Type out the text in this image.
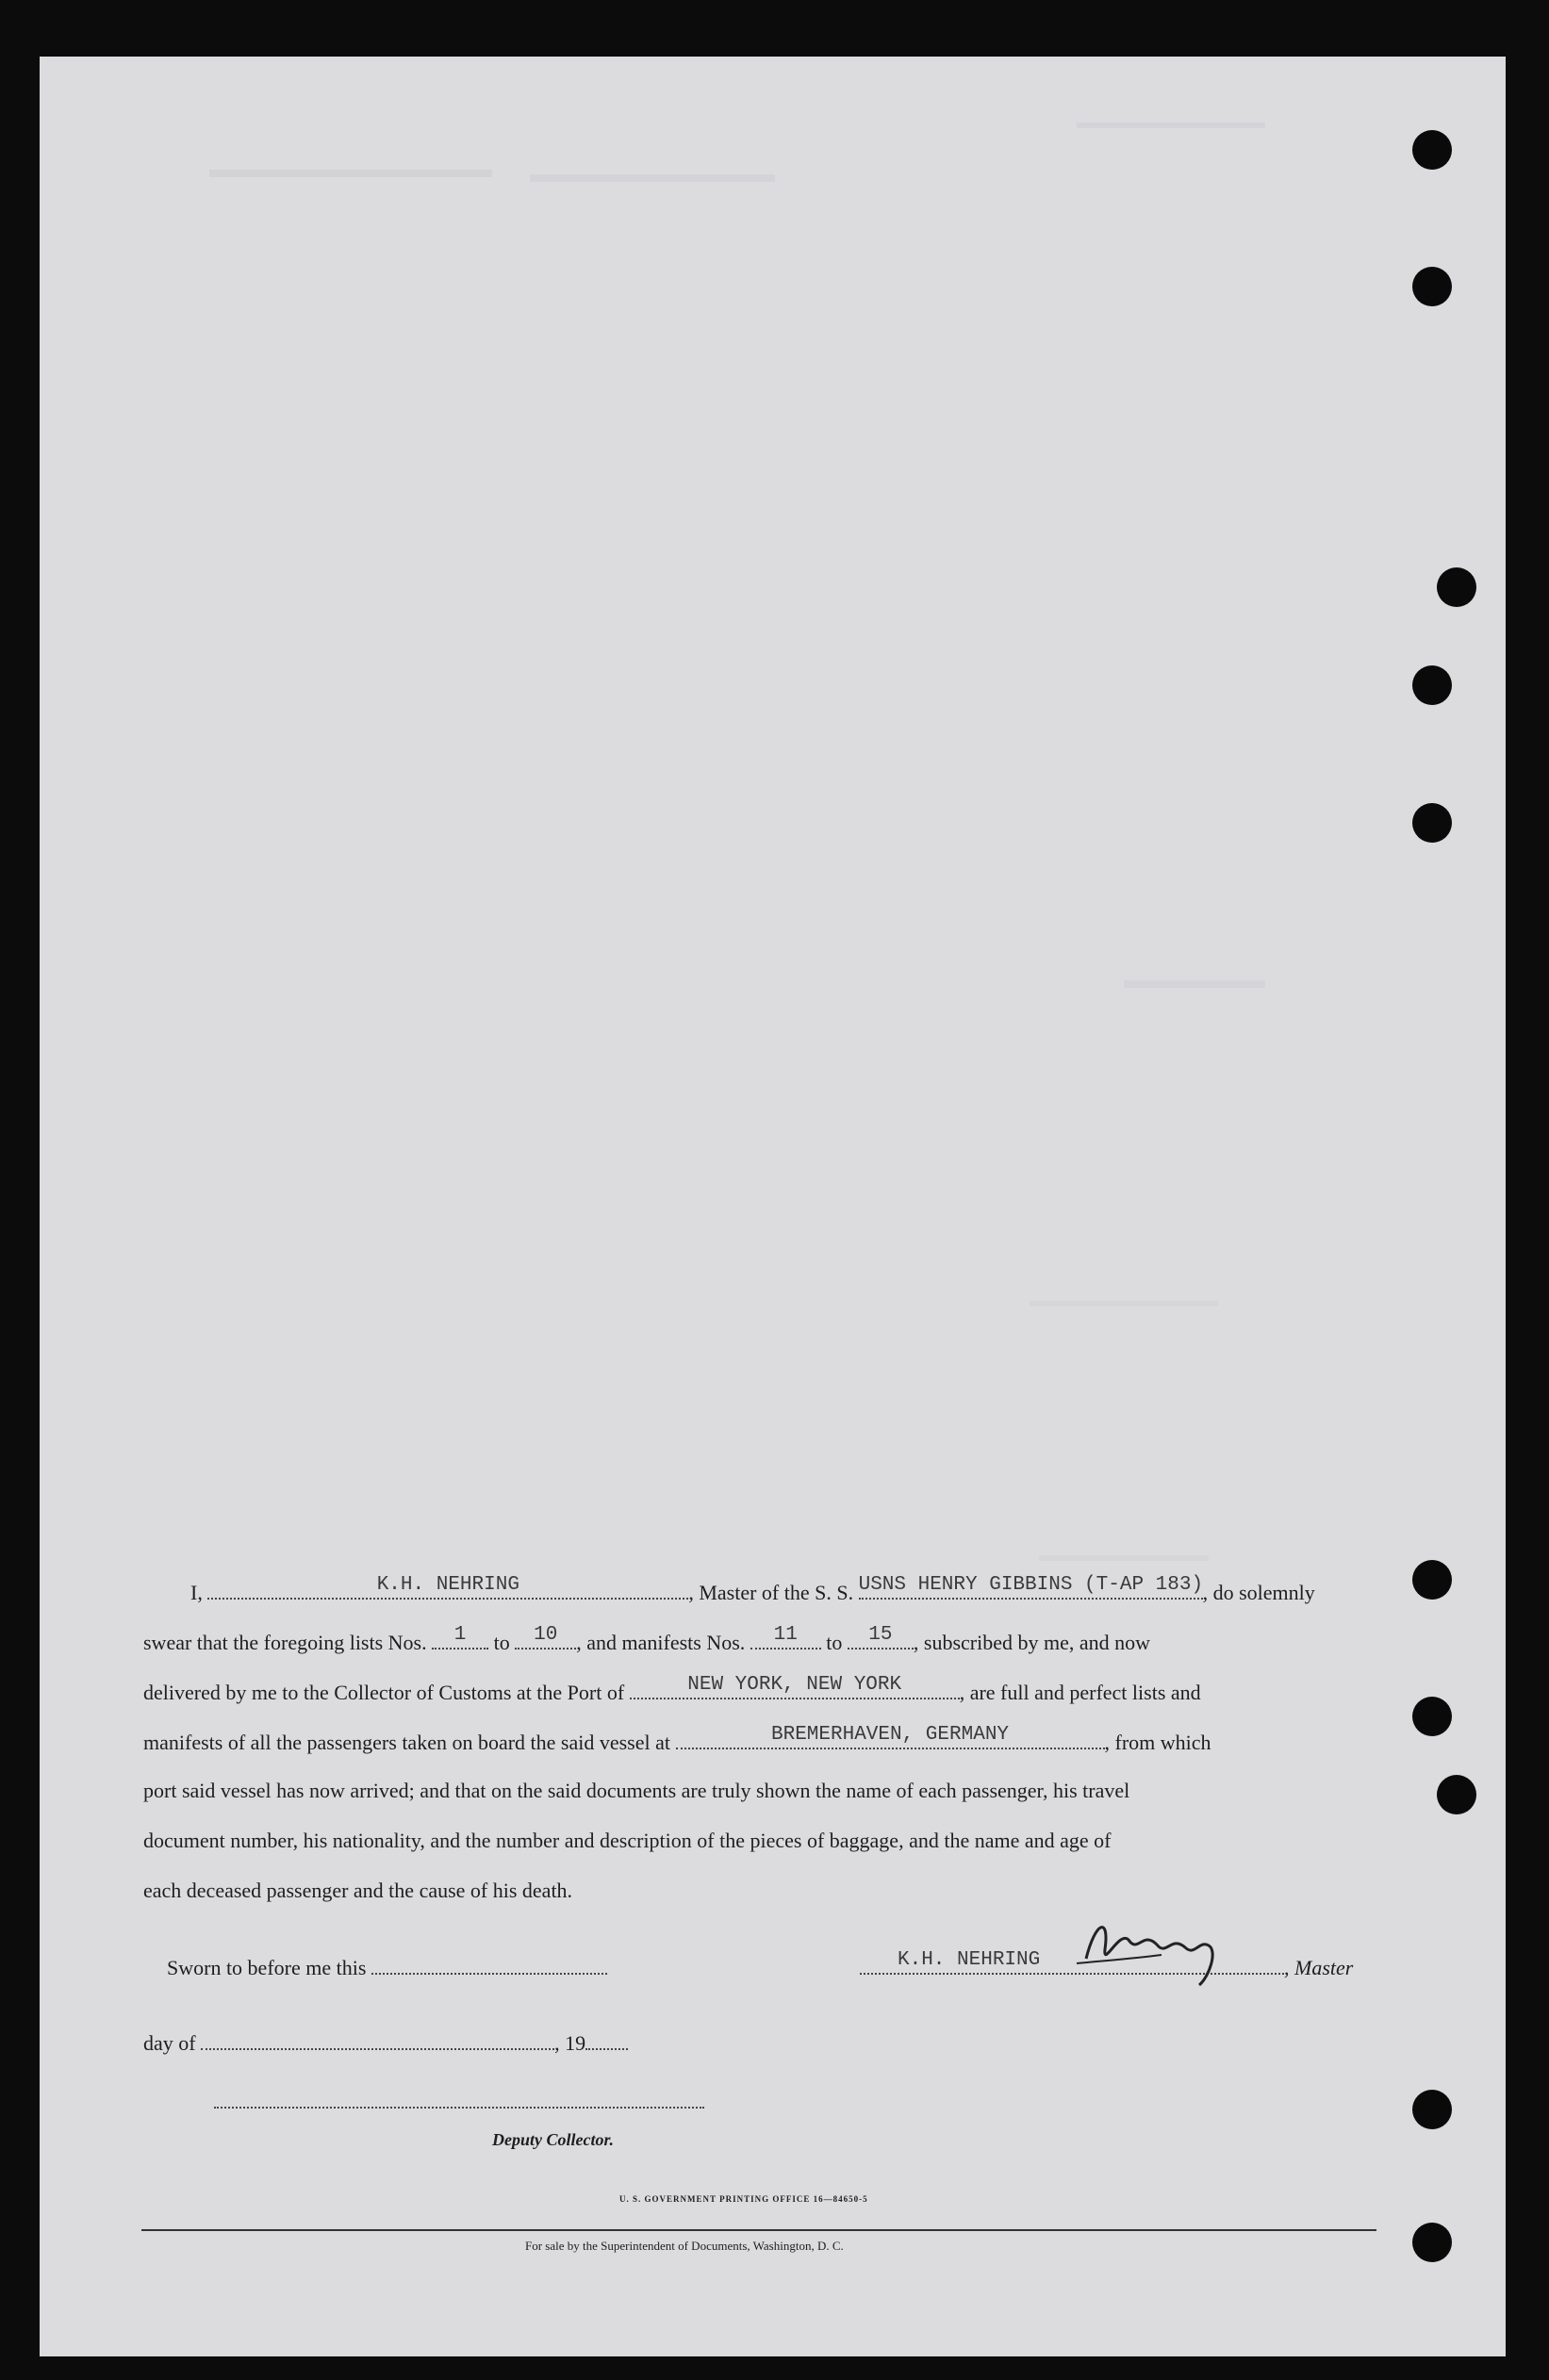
I,	K.H. NEHRING	, Master of the S. S. USNS HENRY GIBBINS (T-AP 183) , do solemnly
swear that the foregoing lists Nos.	1	to	10 , and manifests Nos.	11	to	15	, subscribed by me, and now
delivered by me to the Collector of Customs at the Port of	NEW YORK, NEW YORK	, are full and perfect lists and
manifests of all the passengers taken on board the said vessel at	BREMERHAVEN, GERMANY	, from which
port said vessel has now arrived; and that on the said documents are truly shown the name of each passenger, his travel
document number, his nationality, and the number and description of the pieces of baggage, and the name and age of
each deceased passenger and the cause of his death.
Sworn to before me this	K.H. NEHRING	, Master
day of	, 19
Deputy Collector.
U. S. GOVERNMENT PRINTING OFFICE 16—84650-5
For sale by the Superintendent of Documents, Washington, D. C.
